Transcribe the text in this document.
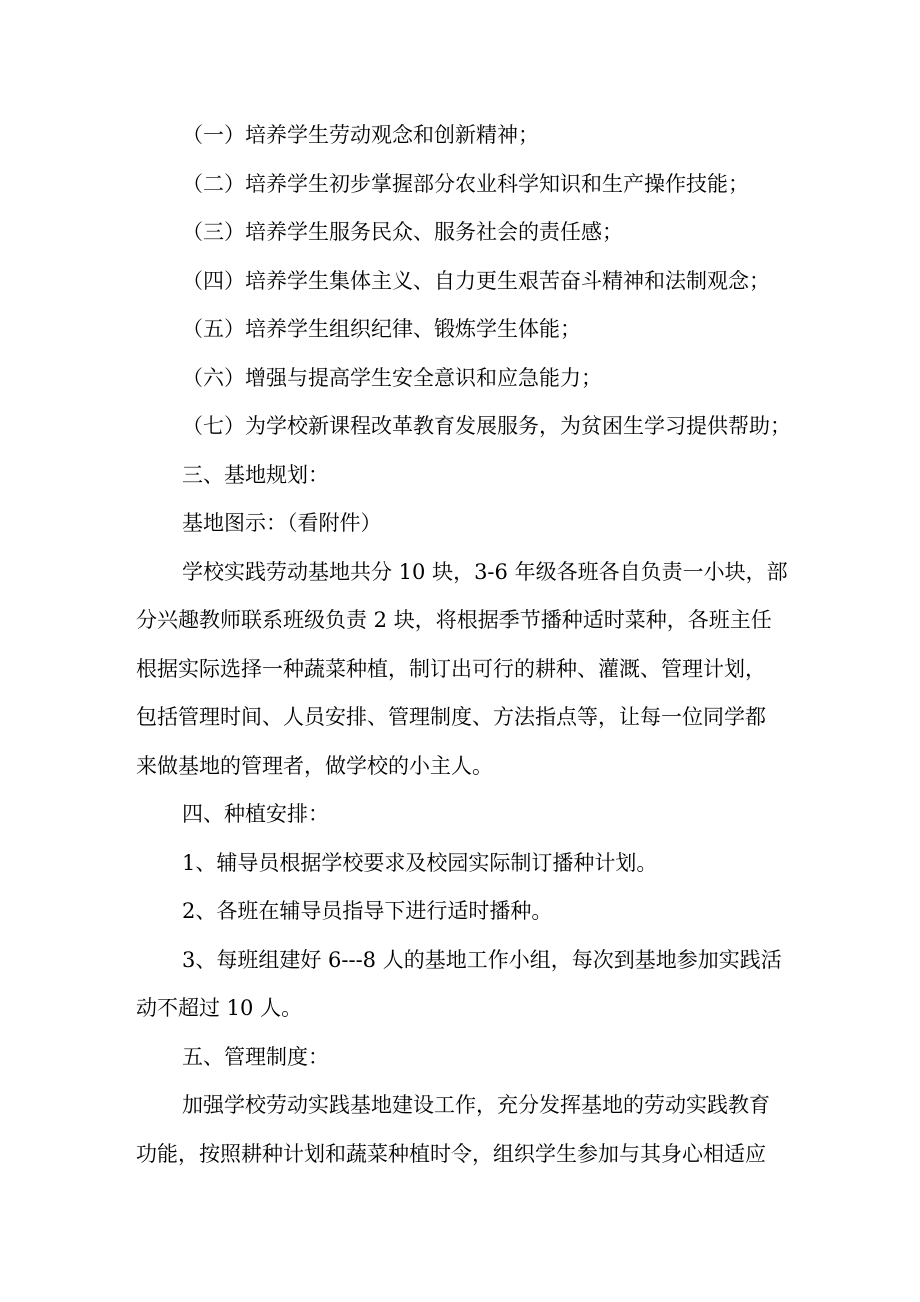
（一）培养学生劳动观念和创新精神；
（二）培养学生初步掌握部分农业科学知识和生产操作技能；
（三）培养学生服务民众、服务社会的责任感；
（四）培养学生集体主义、自力更生艰苦奋斗精神和法制观念；
（五）培养学生组织纪律、锻炼学生体能；
（六）增强与提高学生安全意识和应急能力；
（七）为学校新课程改革教育发展服务，为贫困生学习提供帮助；
三、基地规划：
基地图示：（看附件）
学校实践劳动基地共分 10 块，3-6 年级各班各自负责一小块，部
分兴趣教师联系班级负责 2 块，将根据季节播种适时菜种，各班主任
根据实际选择一种蔬菜种植，制订出可行的耕种、灌溉、管理计划，
包括管理时间、人员安排、管理制度、方法指点等，让每一位同学都
来做基地的管理者，做学校的小主人。
四、种植安排：
1、辅导员根据学校要求及校园实际制订播种计划。
2、各班在辅导员指导下进行适时播种。
3、每班组建好 6---8 人的基地工作小组，每次到基地参加实践活
动不超过 10 人。
五、管理制度：
加强学校劳动实践基地建设工作，充分发挥基地的劳动实践教育
功能，按照耕种计划和蔬菜种植时令，组织学生参加与其身心相适应
